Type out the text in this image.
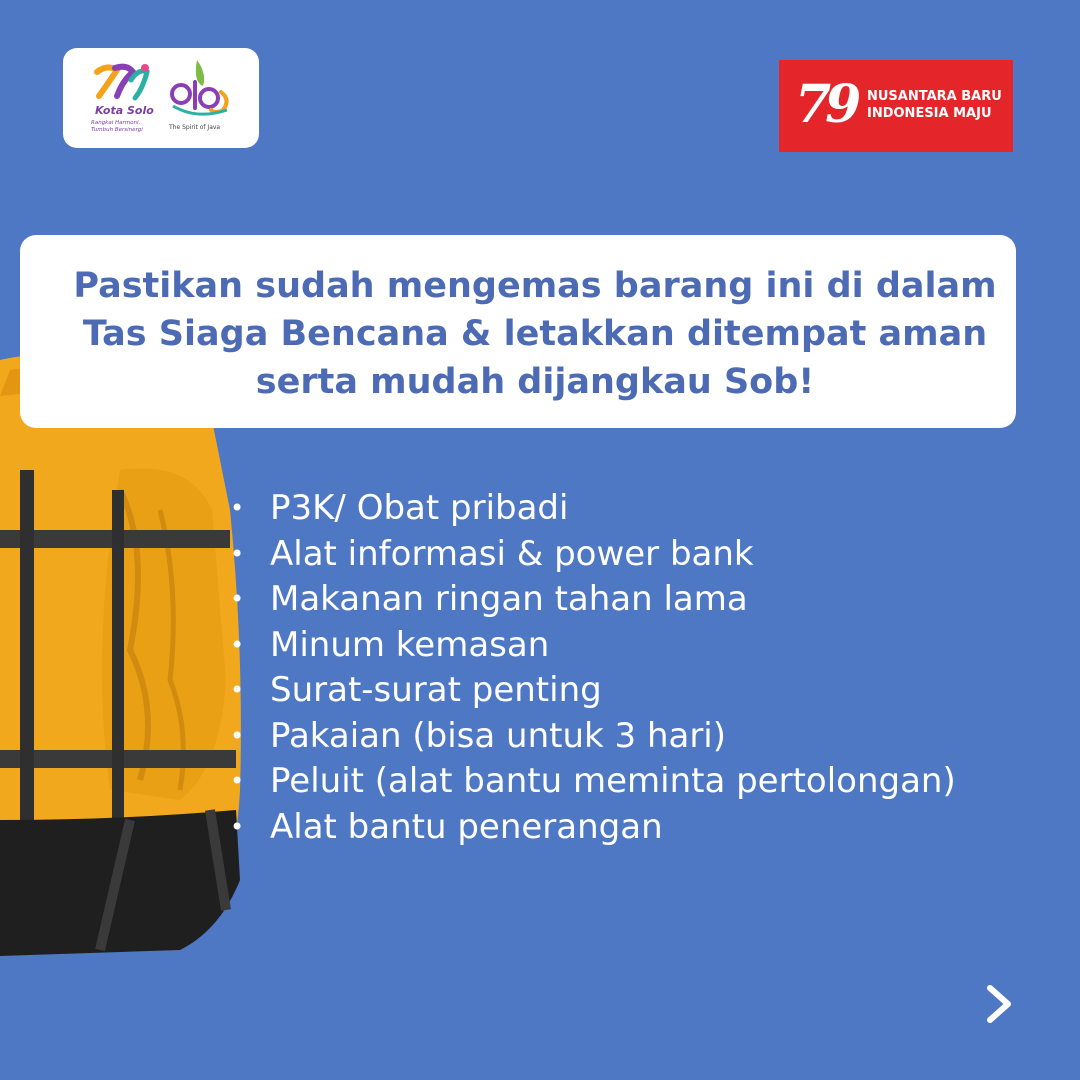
Kota Solo
Rangkai Harmoni, Tumbuh Bersinergi	The Spirit of Java	79 NUSANTARA BARU
INDONESIA MAJU
Pastikan sudah mengemas barang ini di dalam
Tas Siaga Bencana & letakkan ditempat aman
serta mudah dijangkau Sob!
• P3K/ Obat pribadi
• Alat informasi & power bank
• Makanan ringan tahan lama
• Minum kemasan
• Surat-surat penting
• Pakaian (bisa untuk 3 hari)
• Peluit (alat bantu meminta pertolongan)
• Alat bantu penerangan
